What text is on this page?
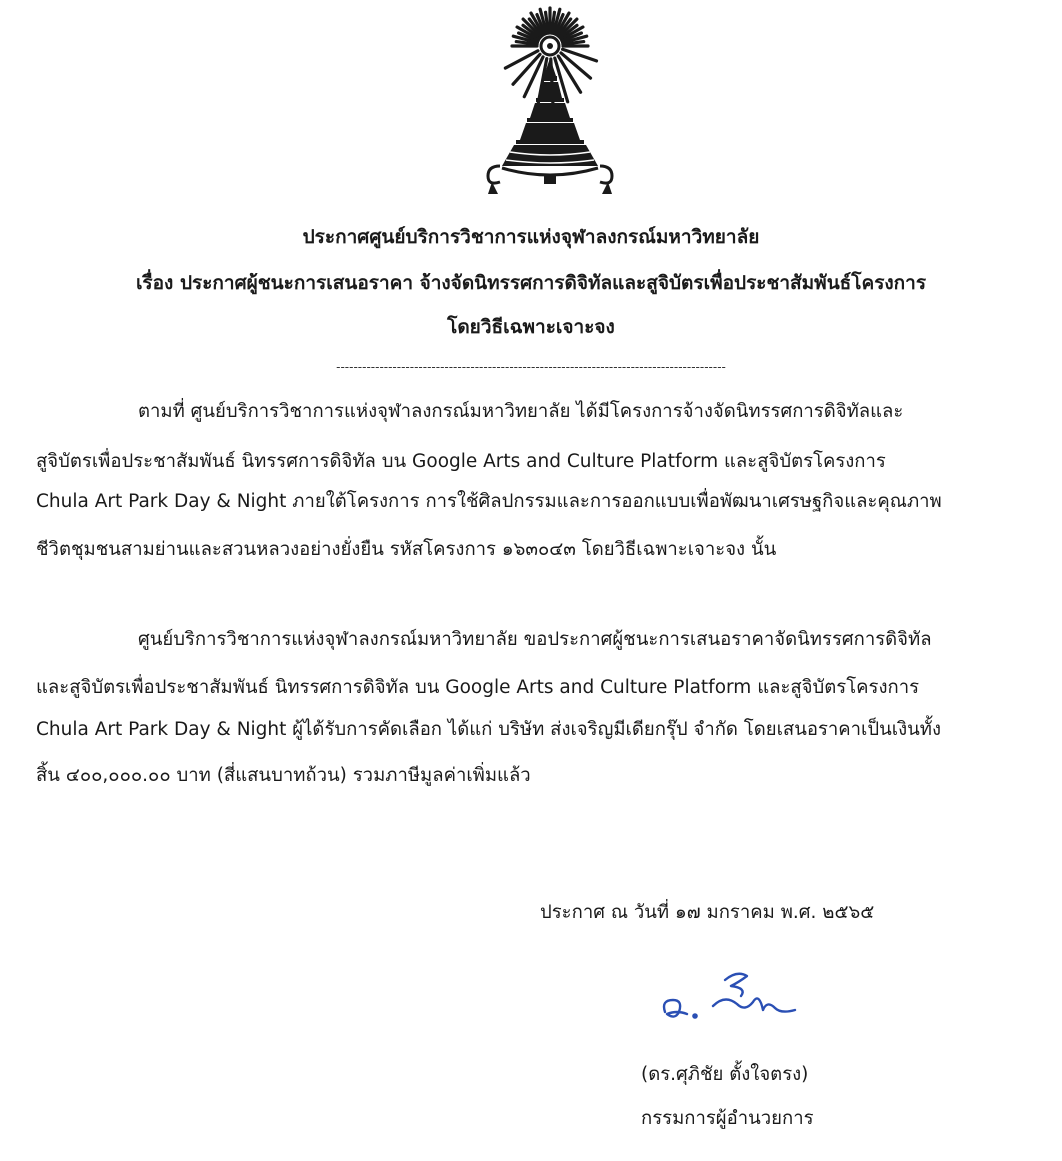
ประกาศศูนย์บริการวิชาการแห่งจุฬาลงกรณ์มหาวิทยาลัย
เรื่อง ประกาศผู้ชนะการเสนอราคา จ้างจัดนิทรรศการดิจิทัลและสูจิบัตรเพื่อประชาสัมพันธ์โครงการ
โดยวิธีเฉพาะเจาะจง
------------------------------------------------------------------------------------------
ตามที่ ศูนย์บริการวิชาการแห่งจุฬาลงกรณ์มหาวิทยาลัย ได้มีโครงการจ้างจัดนิทรรศการดิจิทัลและ
สูจิบัตรเพื่อประชาสัมพันธ์ นิทรรศการดิจิทัล บน Google Arts and Culture Platform และสูจิบัตรโครงการ
Chula Art Park Day & Night ภายใต้โครงการ การใช้ศิลปกรรมและการออกแบบเพื่อพัฒนาเศรษฐกิจและคุณภาพ
ชีวิตชุมชนสามย่านและสวนหลวงอย่างยั่งยืน รหัสโครงการ ๑๖๓๐๔๓ โดยวิธีเฉพาะเจาะจง นั้น
ศูนย์บริการวิชาการแห่งจุฬาลงกรณ์มหาวิทยาลัย ขอประกาศผู้ชนะการเสนอราคาจัดนิทรรศการดิจิทัล
และสูจิบัตรเพื่อประชาสัมพันธ์ นิทรรศการดิจิทัล บน Google Arts and Culture Platform และสูจิบัตรโครงการ
Chula Art Park Day & Night ผู้ได้รับการคัดเลือก ได้แก่ บริษัท ส่งเจริญมีเดียกรุ๊ป จำกัด โดยเสนอราคาเป็นเงินทั้ง
สิ้น ๔๐๐,๐๐๐.๐๐ บาท (สี่แสนบาทถ้วน) รวมภาษีมูลค่าเพิ่มแล้ว
ประกาศ ณ วันที่ ๑๗ มกราคม พ.ศ. ๒๕๖๕
(ดร.ศุภิชัย ตั้งใจตรง)
กรรมการผู้อำนวยการ
